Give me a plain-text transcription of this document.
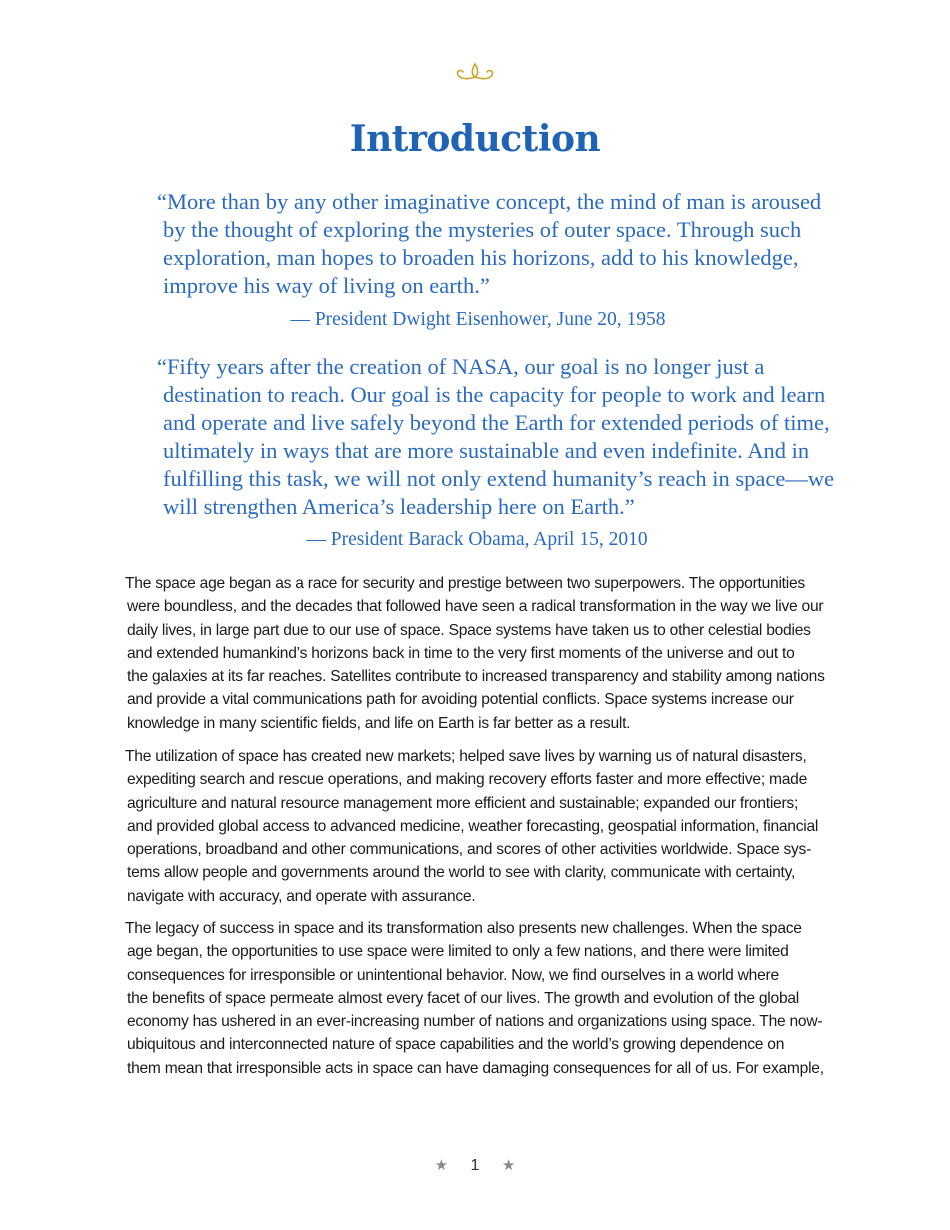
Introduction
“More than by any other imaginative concept, the mind of man is aroused
by the thought of exploring the mysteries of outer space. Through such
exploration, man hopes to broaden his horizons, add to his knowledge,
improve his way of living on earth.”
— President Dwight Eisenhower, June 20, 1958
“Fifty years after the creation of NASA, our goal is no longer just a
destination to reach. Our goal is the capacity for people to work and learn
and operate and live safely beyond the Earth for extended periods of time,
ultimately in ways that are more sustainable and even indefinite. And in
fulfilling this task, we will not only extend humanity’s reach in space—we
will strengthen America’s leadership here on Earth.”
— President Barack Obama, April 15, 2010
The space age began as a race for security and prestige between two superpowers. The opportunities
were boundless, and the decades that followed have seen a radical transformation in the way we live our
daily lives, in large part due to our use of space. Space systems have taken us to other celestial bodies
and extended humankind’s horizons back in time to the very first moments of the universe and out to
the galaxies at its far reaches. Satellites contribute to increased transparency and stability among nations
and provide a vital communications path for avoiding potential conflicts. Space systems increase our
knowledge in many scientific fields, and life on Earth is far better as a result.
The utilization of space has created new markets; helped save lives by warning us of natural disasters,
expediting search and rescue operations, and making recovery efforts faster and more effective; made
agriculture and natural resource management more efficient and sustainable; expanded our frontiers;
and provided global access to advanced medicine, weather forecasting, geospatial information, financial
operations, broadband and other communications, and scores of other activities worldwide. Space sys-
tems allow people and governments around the world to see with clarity, communicate with certainty,
navigate with accuracy, and operate with assurance.
The legacy of success in space and its transformation also presents new challenges. When the space
age began, the opportunities to use space were limited to only a few nations, and there were limited
consequences for irresponsible or unintentional behavior. Now, we find ourselves in a world where
the benefits of space permeate almost every facet of our lives. The growth and evolution of the global
economy has ushered in an ever-increasing number of nations and organizations using space. The now-
ubiquitous and interconnected nature of space capabilities and the world’s growing dependence on
them mean that irresponsible acts in space can have damaging consequences for all of us. For example,
★ 1 ★
